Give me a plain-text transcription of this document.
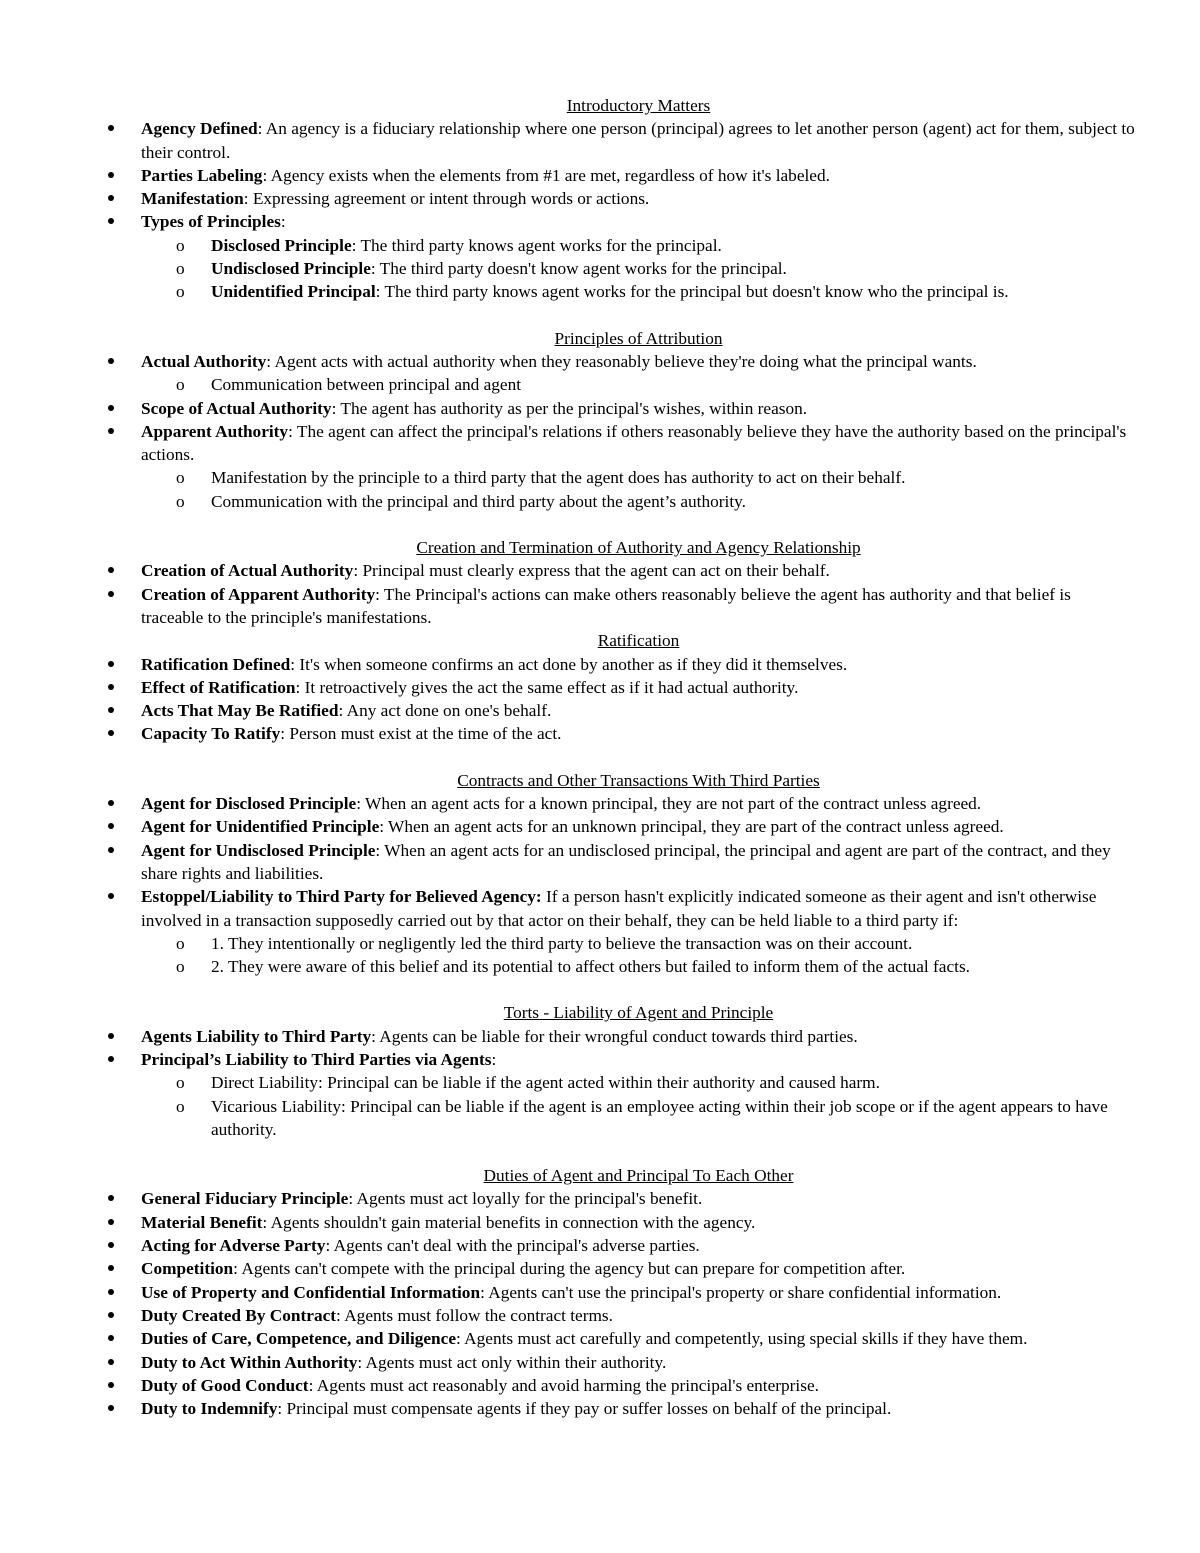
Introductory Matters

Agency Defined: An agency is a fiduciary relationship where one person (principal) agrees to let another person (agent) act for them, subject to their control.
Parties Labeling: Agency exists when the elements from #1 are met, regardless of how it's labeled.
Manifestation: Expressing agreement or intent through words or actions.
Types of Principles:
o Disclosed Principle: The third party knows agent works for the principal.
o Undisclosed Principle: The third party doesn't know agent works for the principal.
o Unidentified Principal: The third party knows agent works for the principal but doesn't know who the principal is.

Principles of Attribution

Actual Authority: Agent acts with actual authority when they reasonably believe they're doing what the principal wants.
o Communication between principal and agent
Scope of Actual Authority: The agent has authority as per the principal's wishes, within reason.
Apparent Authority: The agent can affect the principal's relations if others reasonably believe they have the authority based on the principal's actions.
o Manifestation by the principle to a third party that the agent does has authority to act on their behalf.
o Communication with the principal and third party about the agent’s authority.

Creation and Termination of Authority and Agency Relationship

Creation of Actual Authority: Principal must clearly express that the agent can act on their behalf.
Creation of Apparent Authority: The Principal's actions can make others reasonably believe the agent has authority and that belief is traceable to the principle's manifestations.

Ratification

Ratification Defined: It's when someone confirms an act done by another as if they did it themselves.
Effect of Ratification: It retroactively gives the act the same effect as if it had actual authority.
Acts That May Be Ratified: Any act done on one's behalf.
Capacity To Ratify: Person must exist at the time of the act.

Contracts and Other Transactions With Third Parties

Agent for Disclosed Principle: When an agent acts for a known principal, they are not part of the contract unless agreed.
Agent for Unidentified Principle: When an agent acts for an unknown principal, they are part of the contract unless agreed.
Agent for Undisclosed Principle: When an agent acts for an undisclosed principal, the principal and agent are part of the contract, and they share rights and liabilities.
Estoppel/Liability to Third Party for Believed Agency: If a person hasn't explicitly indicated someone as their agent and isn't otherwise involved in a transaction supposedly carried out by that actor on their behalf, they can be held liable to a third party if:
o 1. They intentionally or negligently led the third party to believe the transaction was on their account.
o 2. They were aware of this belief and its potential to affect others but failed to inform them of the actual facts.

Torts - Liability of Agent and Principle

Agents Liability to Third Party: Agents can be liable for their wrongful conduct towards third parties.
Principal’s Liability to Third Parties via Agents:
o Direct Liability: Principal can be liable if the agent acted within their authority and caused harm.
o Vicarious Liability: Principal can be liable if the agent is an employee acting within their job scope or if the agent appears to have authority.

Duties of Agent and Principal To Each Other

General Fiduciary Principle: Agents must act loyally for the principal's benefit.
Material Benefit: Agents shouldn't gain material benefits in connection with the agency.
Acting for Adverse Party: Agents can't deal with the principal's adverse parties.
Competition: Agents can't compete with the principal during the agency but can prepare for competition after.
Use of Property and Confidential Information: Agents can't use the principal's property or share confidential information.
Duty Created By Contract: Agents must follow the contract terms.
Duties of Care, Competence, and Diligence: Agents must act carefully and competently, using special skills if they have them.
Duty to Act Within Authority: Agents must act only within their authority.
Duty of Good Conduct: Agents must act reasonably and avoid harming the principal's enterprise.
Duty to Indemnify: Principal must compensate agents if they pay or suffer losses on behalf of the principal.
